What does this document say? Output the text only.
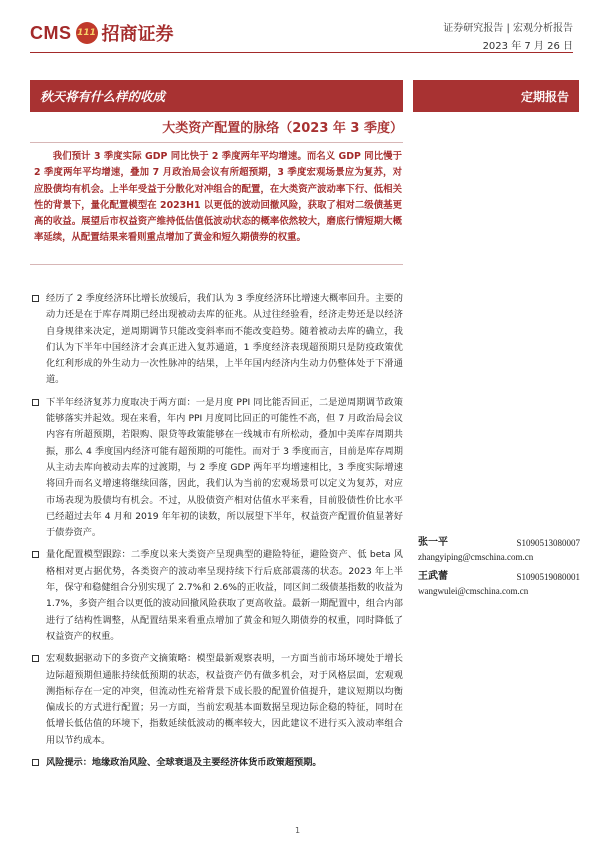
CMS 111 招商证券	证券研究报告 | 宏观分析报告
2023 年 7 月 26 日
秋天将有什么样的收成	定期报告
大类资产配置的脉络（2023 年 3 季度）

我们预计 3 季度实际 GDP 同比快于 2 季度两年平均增速。而名义 GDP 同比慢于 2 季度两年平均增速，叠加 7 月政治局会议有所超预期，3 季度宏观场景应为复苏，对应股债均有机会。上半年受益于分散化对冲组合的配置，在大类资产波动率下行、低相关性的背景下，量化配置模型在 2023H1 以更低的波动回撤风险，获取了相对二级债基更高的收益。展望后市权益资产维持低估值低波动状态的概率依然较大，磨底行情短期大概率延续，从配置结果来看则重点增加了黄金和短久期债券的权重。

经历了 2 季度经济环比增长放缓后，我们认为 3 季度经济环比增速大概率回升。主要的动力还是在于库存周期已经出现被动去库的征兆。从过往经验看，经济走势还是以经济自身规律来决定，逆周期调节只能改变斜率而不能改变趋势。随着被动去库的确立，我们认为下半年中国经济才会真正进入复苏通道，1 季度经济表现超预期只是防疫政策优化红利形成的外生动力一次性脉冲的结果，上半年国内经济内生动力仍整体处于下滑通道。
下半年经济复苏力度取决于两方面：一是月度 PPI 同比能否回正，二是逆周期调节政策能够落实并起效。现在来看，年内 PPI 月度同比回正的可能性不高，但 7 月政治局会议内容有所超预期，若限购、限贷等政策能够在一线城市有所松动，叠加中美库存周期共振，那么 4 季度国内经济可能有超预期的可能性。而对于 3 季度而言，目前是库存周期从主动去库向被动去库的过渡期，与 2 季度 GDP 两年平均增速相比，3 季度实际增速将回升而名义增速将继续回落，因此，我们认为当前的宏观场景可以定义为复苏，对应市场表现为股债均有机会。不过，从股债资产相对估值水平来看，目前股债性价比水平已经超过去年 4 月和 2019 年年初的读数，所以展望下半年，权益资产配置价值显著好于债券资产。
量化配置模型跟踪：二季度以来大类资产呈现典型的避险特征，避险资产、低 beta 风格相对更占据优势，各类资产的波动率呈现持续下行后底部震荡的状态。2023 年上半年，保守和稳健组合分别实现了 2.7%和 2.6%的正收益，同区间二级债基指数的收益为 1.7%，多资产组合以更低的波动回撤风险获取了更高收益。最新一期配置中，组合内部进行了结构性调整，从配置结果来看重点增加了黄金和短久期债券的权重，同时降低了权益资产的权重。
宏观数据驱动下的多资产文摘策略：模型最新观察表明，一方面当前市场环境处于增长边际超预期但通胀持续低预期的状态，权益资产仍有做多机会，对于风格层面，宏观观测指标存在一定的冲突，但流动性充裕背景下成长股的配置价值提升，建议短期以均衡偏成长的方式进行配置；另一方面，当前宏观基本面数据呈现边际企稳的特征，同时在低增长低估值的环境下，指数延续低波动的概率较大，因此建议不进行买入波动率组合用以节约成本。
风险提示：地缘政治风险、全球衰退及主要经济体货币政策超预期。
张一平	S1090513080007
zhangyiping@cmschina.com.cn
王武蕾	S1090519080001
wangwulei@cmschina.com.cn
1
